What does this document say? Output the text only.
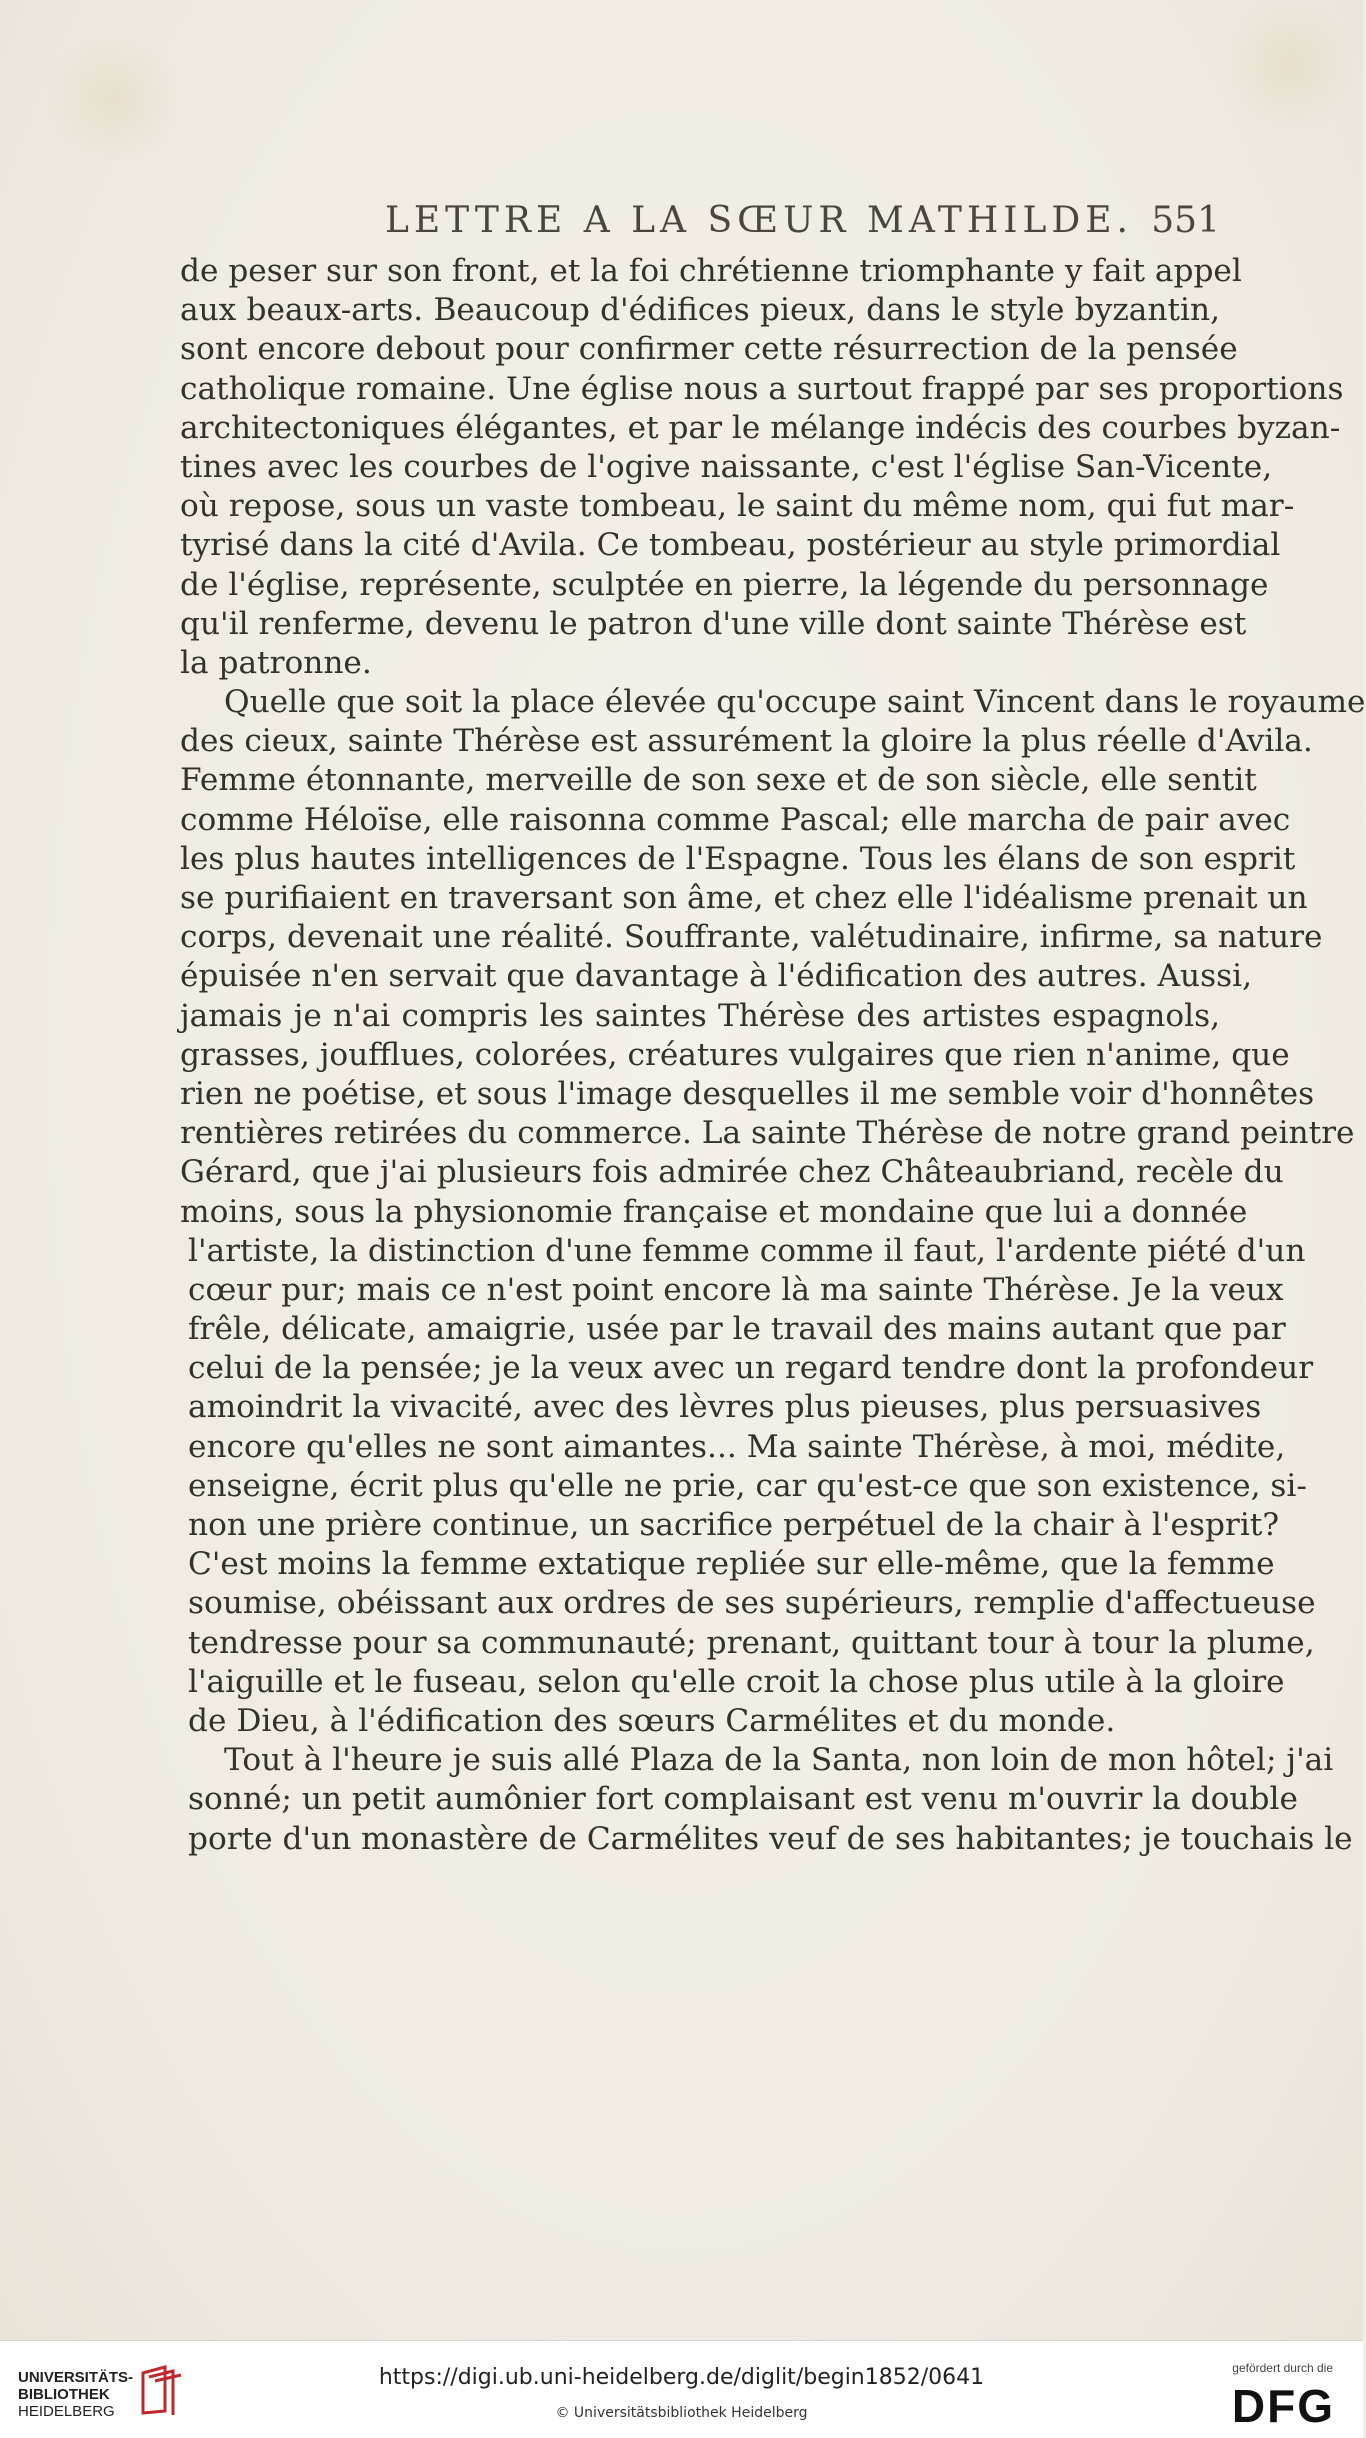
LETTRE A LA SŒUR MATHILDE. 551
de peser sur son front, et la foi chrétienne triomphante y fait appel
aux beaux-arts. Beaucoup d'édifices pieux, dans le style byzantin,
sont encore debout pour confirmer cette résurrection de la pensée
catholique romaine. Une église nous a surtout frappé par ses proportions
architectoniques élégantes, et par le mélange indécis des courbes byzan-
tines avec les courbes de l'ogive naissante, c'est l'église San-Vicente,
où repose, sous un vaste tombeau, le saint du même nom, qui fut mar-
tyrisé dans la cité d'Avila. Ce tombeau, postérieur au style primordial
de l'église, représente, sculptée en pierre, la légende du personnage
qu'il renferme, devenu le patron d'une ville dont sainte Thérèse est
la patronne.
Quelle que soit la place élevée qu'occupe saint Vincent dans le royaume
des cieux, sainte Thérèse est assurément la gloire la plus réelle d'Avila.
Femme étonnante, merveille de son sexe et de son siècle, elle sentit
comme Héloïse, elle raisonna comme Pascal; elle marcha de pair avec
les plus hautes intelligences de l'Espagne. Tous les élans de son esprit
se purifiaient en traversant son âme, et chez elle l'idéalisme prenait un
corps, devenait une réalité. Souffrante, valétudinaire, infirme, sa nature
épuisée n'en servait que davantage à l'édification des autres. Aussi,
jamais je n'ai compris les saintes Thérèse des artistes espagnols,
grasses, joufflues, colorées, créatures vulgaires que rien n'anime, que
rien ne poétise, et sous l'image desquelles il me semble voir d'honnêtes
rentières retirées du commerce. La sainte Thérèse de notre grand peintre
Gérard, que j'ai plusieurs fois admirée chez Châteaubriand, recèle du
moins, sous la physionomie française et mondaine que lui a donnée
l'artiste, la distinction d'une femme comme il faut, l'ardente piété d'un
cœur pur; mais ce n'est point encore là ma sainte Thérèse. Je la veux
frêle, délicate, amaigrie, usée par le travail des mains autant que par
celui de la pensée; je la veux avec un regard tendre dont la profondeur
amoindrit la vivacité, avec des lèvres plus pieuses, plus persuasives
encore qu'elles ne sont aimantes... Ma sainte Thérèse, à moi, médite,
enseigne, écrit plus qu'elle ne prie, car qu'est-ce que son existence, si-
non une prière continue, un sacrifice perpétuel de la chair à l'esprit?
C'est moins la femme extatique repliée sur elle-même, que la femme
soumise, obéissant aux ordres de ses supérieurs, remplie d'affectueuse
tendresse pour sa communauté; prenant, quittant tour à tour la plume,
l'aiguille et le fuseau, selon qu'elle croit la chose plus utile à la gloire
de Dieu, à l'édification des sœurs Carmélites et du monde.
Tout à l'heure je suis allé Plaza de la Santa, non loin de mon hôtel; j'ai
sonné; un petit aumônier fort complaisant est venu m'ouvrir la double
porte d'un monastère de Carmélites veuf de ses habitantes; je touchais le
UNIVERSITÄTS-
BIBLIOTHEK
HEIDELBERG
https://digi.ub.uni-heidelberg.de/diglit/begin1852/0641
© Universitätsbibliothek Heidelberg
gefördert durch die
DFG
